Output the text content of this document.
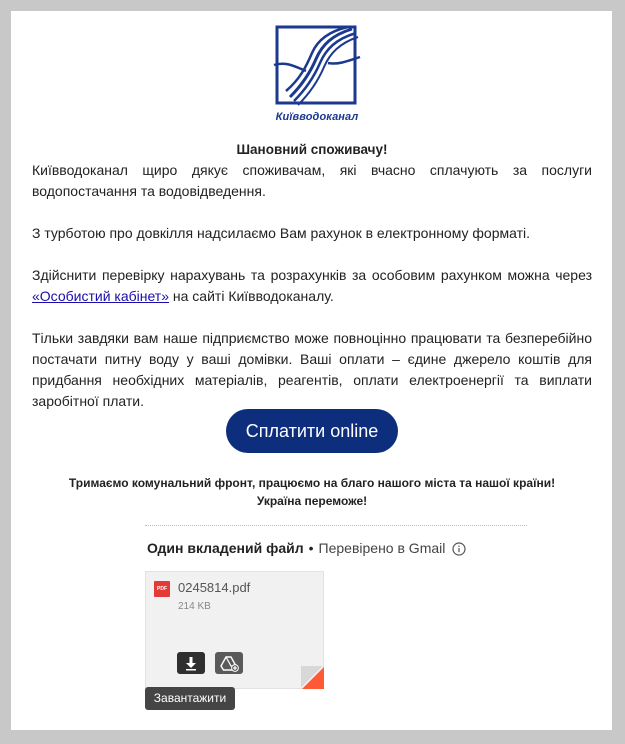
Київводоканал

Шановний споживачу!

Київводоканал щиро дякує споживачам, які вчасно сплачують за послуги водопостачання та водовідведення.

З турботою про довкілля надсилаємо Вам рахунок в електронному форматі.

Здійснити перевірку нарахувань та розрахунків за особовим рахунком можна через «Особистий кабінет» на сайті Київводоканалу.

Тільки завдяки вам наше підприємство може повноцінно працювати та безперебійно постачати питну воду у ваші домівки. Ваші оплати – єдине джерело коштів для придбання необхідних матеріалів, реагентів, оплати електроенергії та виплати заробітної плати.

Сплатити online
Тримаємо комунальний фронт, працюємо на благо нашого міста та нашої країни!
Україна переможе!
Один вкладений файл • Перевірено в Gmail
PDF 0245814.pdf
214 KB
Завантажити
